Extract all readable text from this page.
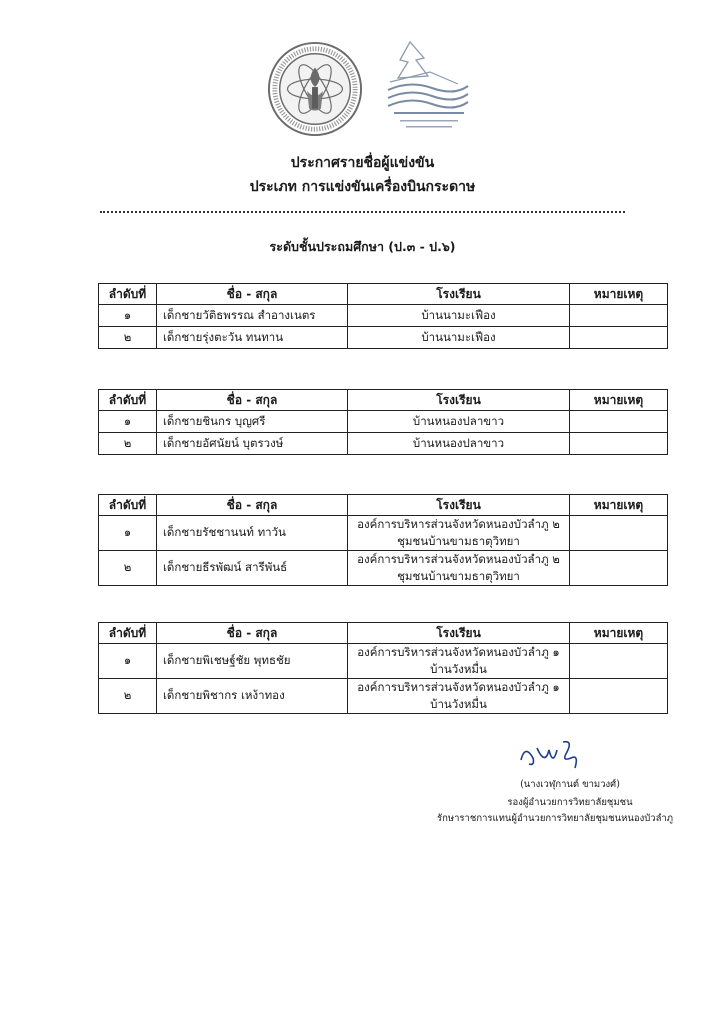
ประกาศรายชื่อผู้แข่งขัน
ประเภท การแข่งขันเครื่องบินกระดาษ
ระดับชั้นประถมศึกษา (ป.๓ - ป.๖)
ลำดับที่	ชื่อ - สกุล	โรงเรียน	หมายเหตุ
๑	เด็กชายวัติธพรรณ สำอางเนตร	บ้านนามะเฟือง	
๒	เด็กชายรุ่งตะวัน ทนทาน	บ้านนามะเฟือง	
ลำดับที่	ชื่อ - สกุล	โรงเรียน	หมายเหตุ
๑	เด็กชายชินกร บุญศรี	บ้านหนองปลาขาว	
๒	เด็กชายอัศนัยน์ บุตรวงษ์	บ้านหนองปลาขาว	
ลำดับที่	ชื่อ - สกุล	โรงเรียน	หมายเหตุ
๑	เด็กชายรัชชานนท์ ทาวัน	องค์การบริหารส่วนจังหวัดหนองบัวลำภู ๒
ชุมชนบ้านขามธาตุวิทยา	

๒	เด็กชายธีรพัฒน์ สารีพันธ์	องค์การบริหารส่วนจังหวัดหนองบัวลำภู ๒
ชุมชนบ้านขามธาตุวิทยา	

ลำดับที่	ชื่อ - สกุล	โรงเรียน	หมายเหตุ
๑	เด็กชายพิเชษฐ์ชัย พุทธชัย	องค์การบริหารส่วนจังหวัดหนองบัวลำภู ๑
บ้านวังหมื่น	

๒	เด็กชายพิชากร เหง้าทอง	องค์การบริหารส่วนจังหวัดหนองบัวลำภู ๑
บ้านวังหมื่น	

(นางเวฬุกานต์ ขามวงศ์)
รองผู้อำนวยการวิทยาลัยชุมชน
รักษาราชการแทนผู้อำนวยการวิทยาลัยชุมชนหนองบัวลำภู
